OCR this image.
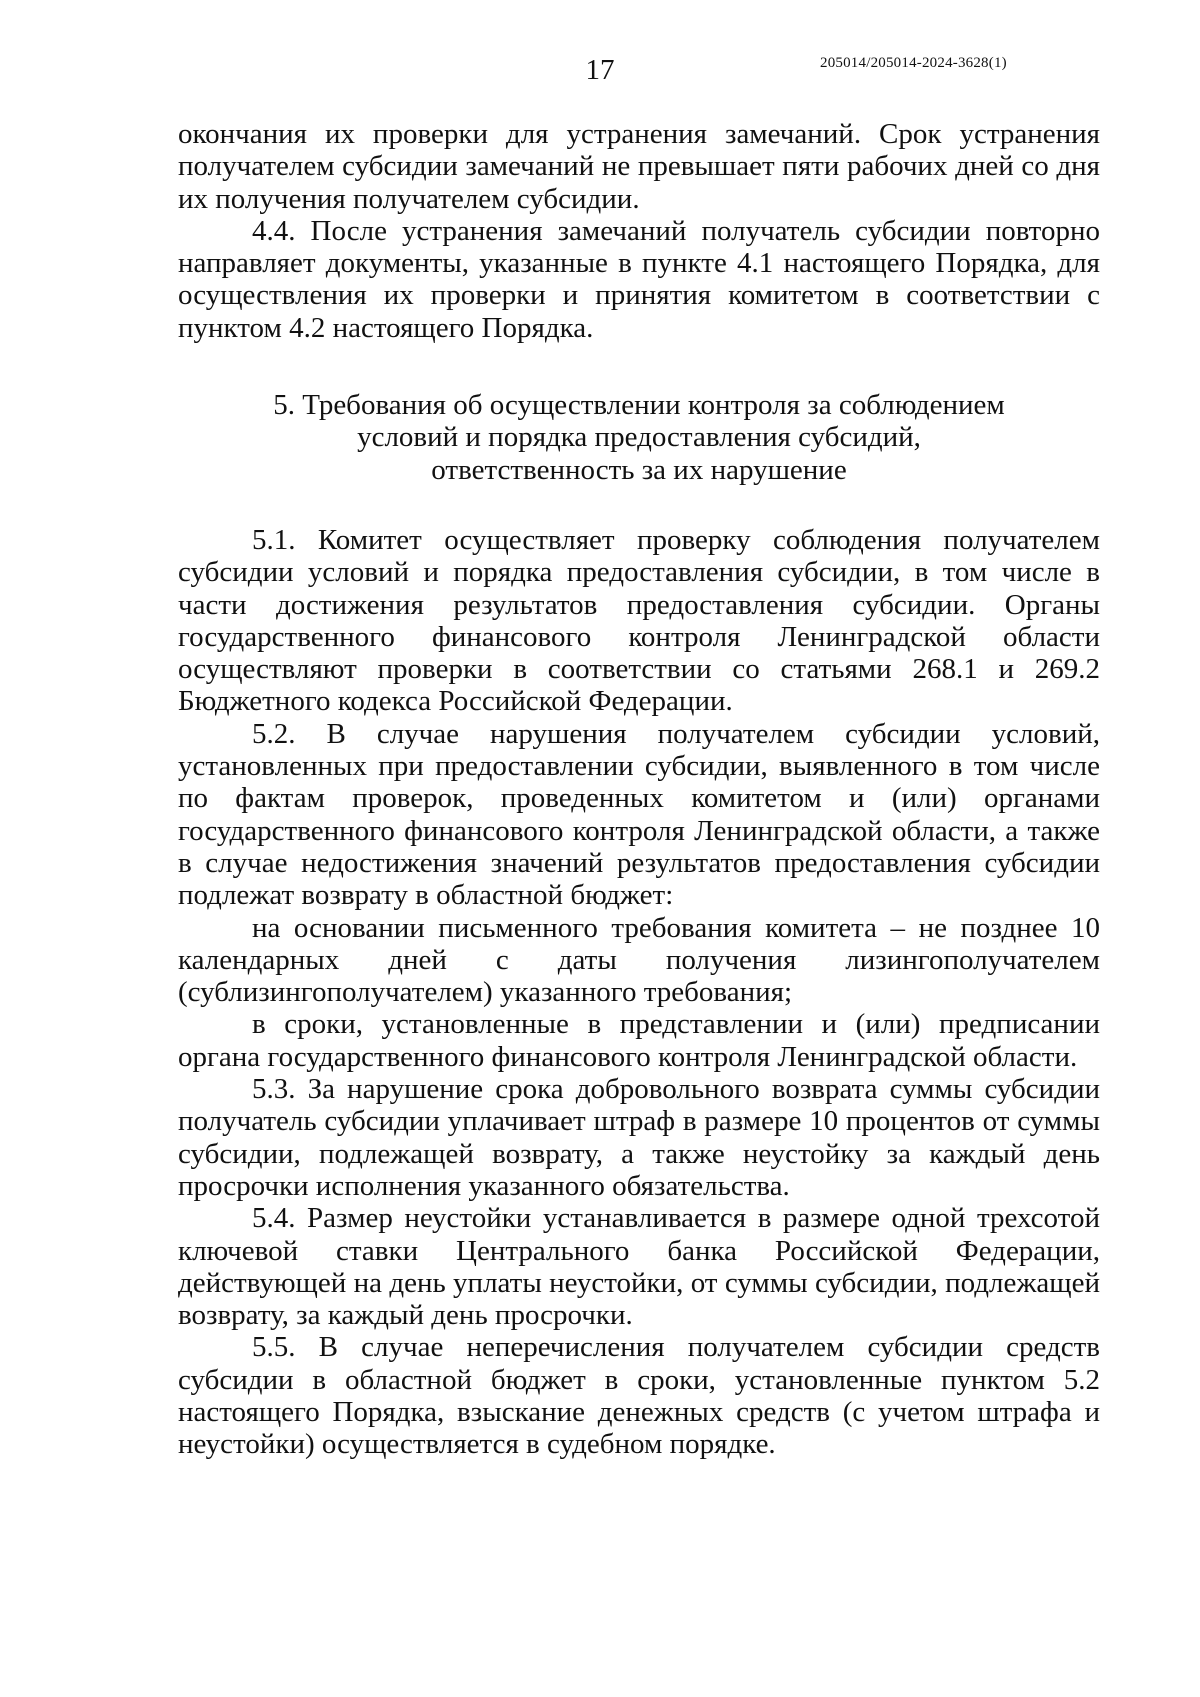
17	205014/205014-2024-3628(1)

окончания их проверки для устранения замечаний. Срок устранения получателем субсидии замечаний не превышает пяти рабочих дней со дня их получения получателем субсидии.

4.4. После устранения замечаний получатель субсидии повторно направляет документы, указанные в пункте 4.1 настоящего Порядка, для осуществления их проверки и принятия комитетом в соответствии с пунктом 4.2 настоящего Порядка.

5. Требования об осуществлении контроля за соблюдением
условий и порядка предоставления субсидий,
ответственность за их нарушение

5.1. Комитет осуществляет проверку соблюдения получателем субсидии условий и порядка предоставления субсидии, в том числе в части достижения результатов предоставления субсидии. Органы государственного финансового контроля Ленинградской области осуществляют проверки в соответствии со статьями 268.1 и 269.2 Бюджетного кодекса Российской Федерации.

5.2. В случае нарушения получателем субсидии условий, установленных при предоставлении субсидии, выявленного в том числе по фактам проверок, проведенных комитетом и (или) органами государственного финансового контроля Ленинградской области, а также в случае недостижения значений результатов предоставления субсидии подлежат возврату в областной бюджет:

на основании письменного требования комитета – не позднее 10 календарных дней с даты получения лизингополучателем (сублизингополучателем) указанного требования;

в сроки, установленные в представлении и (или) предписании органа государственного финансового контроля Ленинградской области.

5.3. За нарушение срока добровольного возврата суммы субсидии получатель субсидии уплачивает штраф в размере 10 процентов от суммы субсидии, подлежащей возврату, а также неустойку за каждый день просрочки исполнения указанного обязательства.

5.4. Размер неустойки устанавливается в размере одной трехсотой ключевой ставки Центрального банка Российской Федерации, действующей на день уплаты неустойки, от суммы субсидии, подлежащей возврату, за каждый день просрочки.

5.5. В случае неперечисления получателем субсидии средств субсидии в областной бюджет в сроки, установленные пунктом 5.2 настоящего Порядка, взыскание денежных средств (с учетом штрафа и неустойки) осуществляется в судебном порядке.
